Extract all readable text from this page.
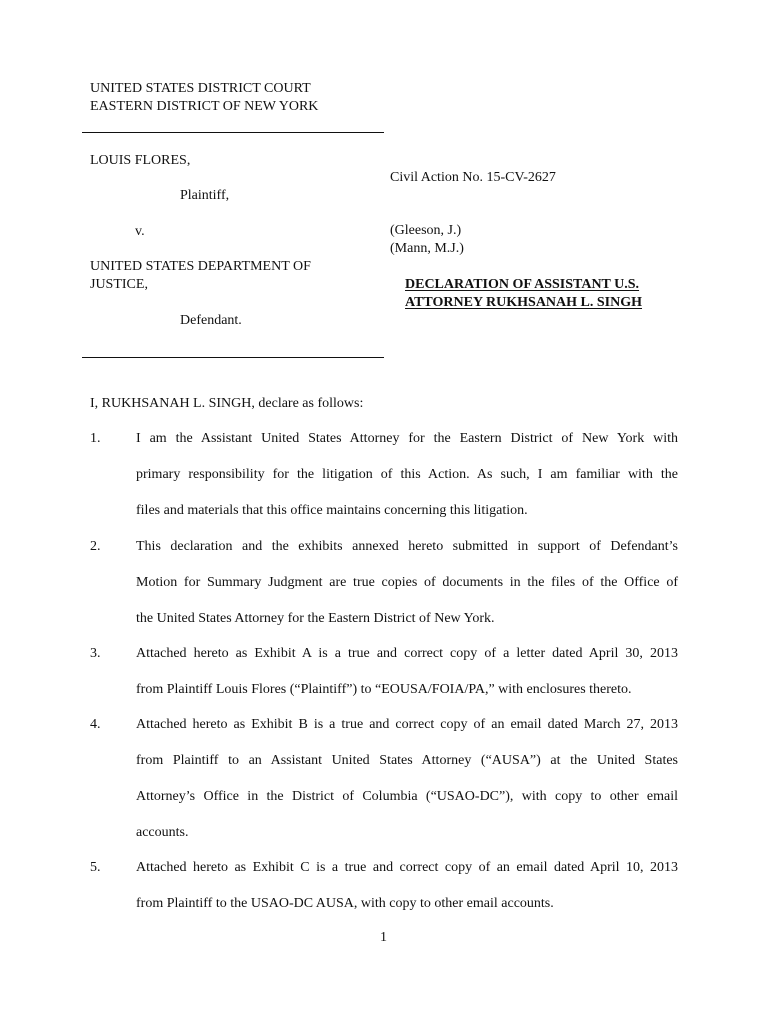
UNITED STATES DISTRICT COURT
EASTERN DISTRICT OF NEW YORK
LOUIS FLORES,
Plaintiff,
v.
UNITED STATES DEPARTMENT OF
JUSTICE,
Defendant.
Civil Action No. 15-CV-2627
(Gleeson, J.)
(Mann, M.J.)
DECLARATION OF ASSISTANT U.S.
ATTORNEY RUKHSANAH L. SINGH
I, RUKHSANAH L. SINGH, declare as follows:
1.	I am the Assistant United States Attorney for the Eastern District of New York with
primary responsibility for the litigation of this Action. As such, I am familiar with the
files and materials that this office maintains concerning this litigation.
2.	This declaration and the exhibits annexed hereto submitted in support of Defendant’s
Motion for Summary Judgment are true copies of documents in the files of the Office of
the United States Attorney for the Eastern District of New York.
3.	Attached hereto as Exhibit A is a true and correct copy of a letter dated April 30, 2013
from Plaintiff Louis Flores (“Plaintiff”) to “EOUSA/FOIA/PA,” with enclosures thereto.
4.	Attached hereto as Exhibit B is a true and correct copy of an email dated March 27, 2013
from Plaintiff to an Assistant United States Attorney (“AUSA”) at the United States
Attorney’s Office in the District of Columbia (“USAO-DC”), with copy to other email
accounts.
5.	Attached hereto as Exhibit C is a true and correct copy of an email dated April 10, 2013
from Plaintiff to the USAO-DC AUSA, with copy to other email accounts.
1
